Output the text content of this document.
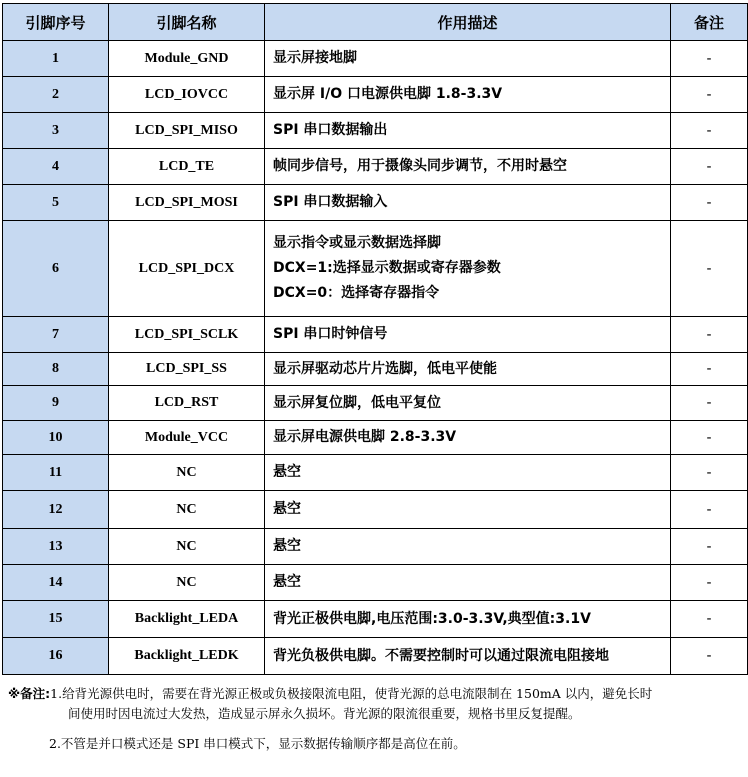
引脚序号	引脚名称	作用描述	备注
1	Module_GND	显示屏接地脚	-
2	LCD_IOVCC	显示屏 I/O 口电源供电脚 1.8-3.3V	-
3	LCD_SPI_MISO	SPI 串口数据输出	-
4	LCD_TE	帧同步信号，用于摄像头同步调节，不用时悬空	-
5	LCD_SPI_MOSI	SPI 串口数据输入	-
6	LCD_SPI_DCX	显示指令或显示数据选择脚
DCX=1:选择显示数据或寄存器参数
DCX=0：选择寄存器指令	-
7	LCD_SPI_SCLK	SPI 串口时钟信号	-
8	LCD_SPI_SS	显示屏驱动芯片片选脚，低电平使能	-
9	LCD_RST	显示屏复位脚，低电平复位	-
10	Module_VCC	显示屏电源供电脚 2.8-3.3V	-
11	NC	悬空	-
12	NC	悬空	-
13	NC	悬空	-
14	NC	悬空	-
15	Backlight_LEDA	背光正极供电脚,电压范围:3.0-3.3V,典型值:3.1V	-
16	Backlight_LEDK	背光负极供电脚。不需要控制时可以通过限流电阻接地	-

※备注:1.给背光源供电时，需要在背光源正极或负极接限流电阻，使背光源的总电流限制在 150mA 以内，避免长时

间使用时因电流过大发热，造成显示屏永久损坏。背光源的限流很重要，规格书里反复提醒。

2.不管是并口模式还是 SPI 串口模式下，显示数据传输顺序都是高位在前。
